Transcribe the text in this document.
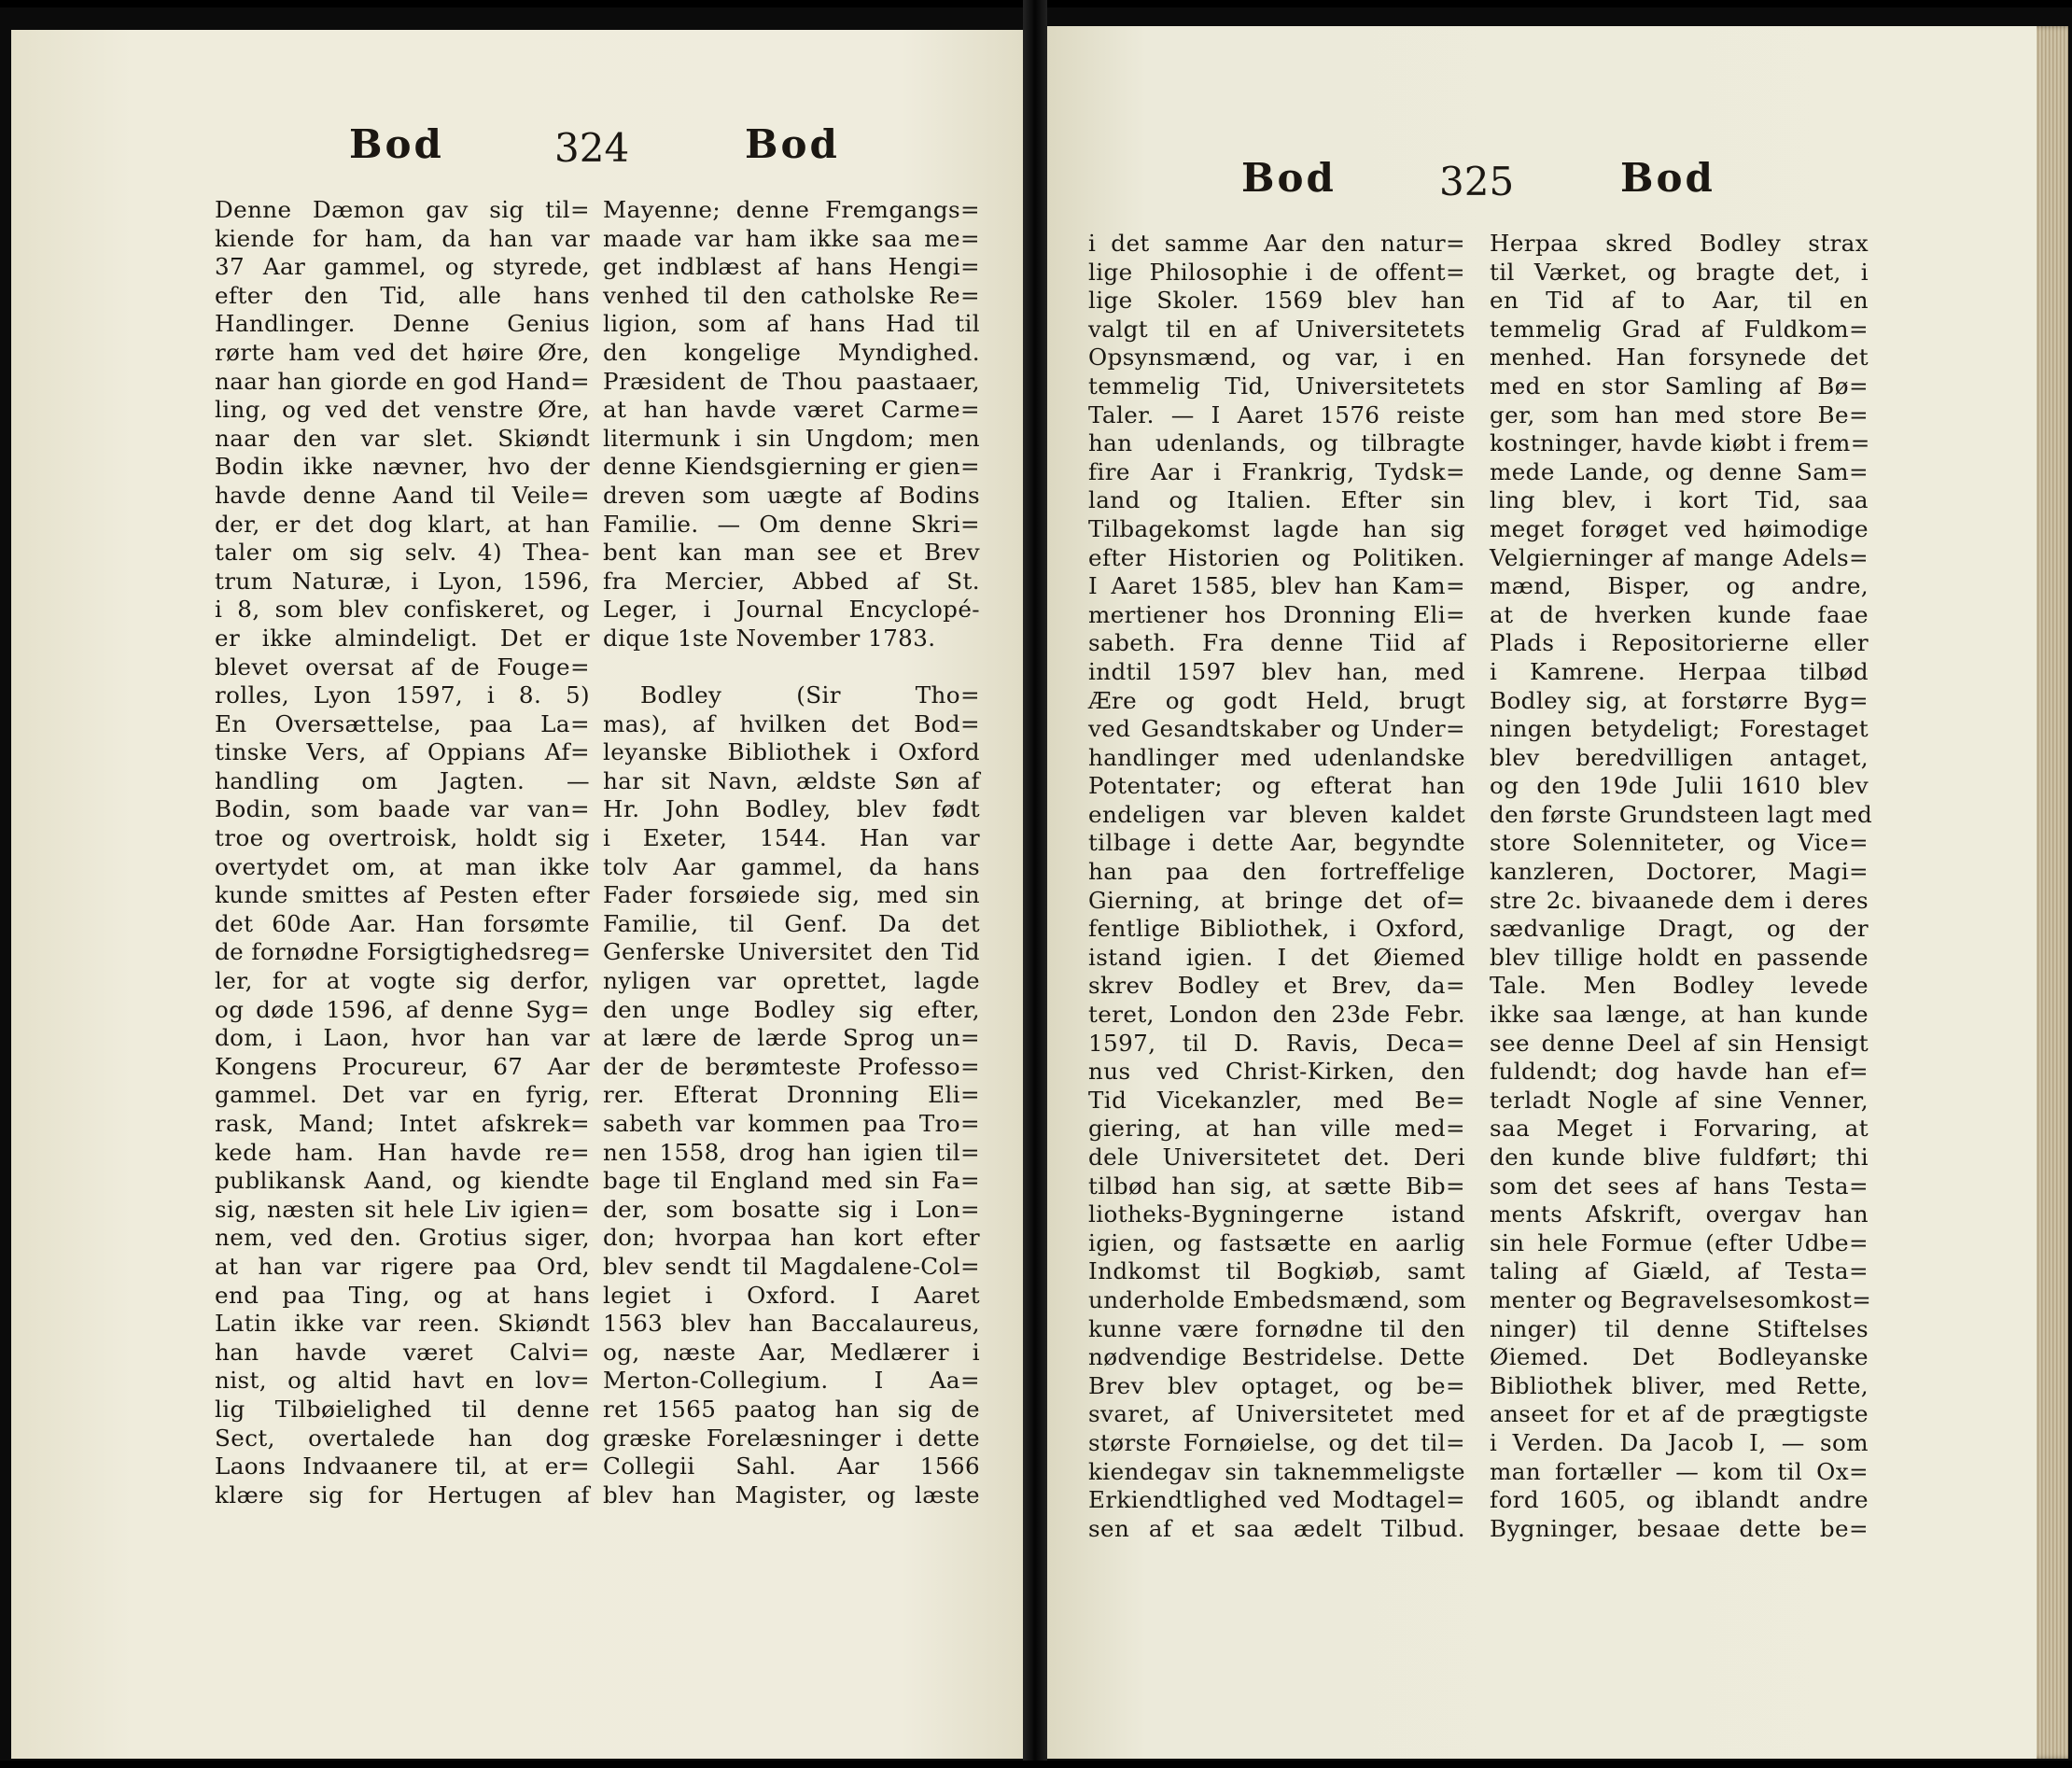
Bod	324	Bod
Denne Dæmon gav sig til=
kiende for ham, da han var
37 Aar gammel, og styrede,
efter den Tid, alle hans
Handlinger. Denne Genius
rørte ham ved det høire Øre,
naar han giorde en god Hand=
ling, og ved det venstre Øre,
naar den var slet. Skiøndt
Bodin ikke nævner, hvo der
havde denne Aand til Veile=
der, er det dog klart, at han
taler om sig selv. 4) Thea-
trum Naturæ, i Lyon, 1596,
i 8, som blev confiskeret, og
er ikke almindeligt. Det er
blevet oversat af de Fouge=
rolles, Lyon 1597, i 8. 5)
En Oversættelse, paa La=
tinske Vers, af Oppians Af=
handling om Jagten. —
Bodin, som baade var van=
troe og overtroisk, holdt sig
overtydet om, at man ikke
kunde smittes af Pesten efter
det 60de Aar. Han forsømte
de fornødne Forsigtighedsreg=
ler, for at vogte sig derfor,
og døde 1596, af denne Syg=
dom, i Laon, hvor han var
Kongens Procureur, 67 Aar
gammel. Det var en fyrig,
rask, Mand; Intet afskrek=
kede ham. Han havde re=
publikansk Aand, og kiendte
sig, næsten sit hele Liv igien=
nem, ved den. Grotius siger,
at han var rigere paa Ord,
end paa Ting, og at hans
Latin ikke var reen. Skiøndt
han havde været Calvi=
nist, og altid havt en lov=
lig Tilbøielighed til denne
Sect, overtalede han dog
Laons Indvaanere til, at er=
klære sig for Hertugen af
Mayenne; denne Fremgangs=
maade var ham ikke saa me=
get indblæst af hans Hengi=
venhed til den catholske Re=
ligion, som af hans Had til
den kongelige Myndighed.
Præsident de Thou paastaaer,
at han havde været Carme=
litermunk i sin Ungdom; men
denne Kiendsgierning er gien=
dreven som uægte af Bodins
Familie. — Om denne Skri=
bent kan man see et Brev
fra Mercier, Abbed af St.
Leger, i Journal Encyclopé-
dique 1ste November 1783.
Bodley (Sir Tho=
mas), af hvilken det Bod=
leyanske Bibliothek i Oxford
har sit Navn, ældste Søn af
Hr. John Bodley, blev født
i Exeter, 1544. Han var
tolv Aar gammel, da hans
Fader forsøiede sig, med sin
Familie, til Genf. Da det
Genferske Universitet den Tid
nyligen var oprettet, lagde
den unge Bodley sig efter,
at lære de lærde Sprog un=
der de berømteste Professo=
rer. Efterat Dronning Eli=
sabeth var kommen paa Tro=
nen 1558, drog han igien til=
bage til England med sin Fa=
der, som bosatte sig i Lon=
don; hvorpaa han kort efter
blev sendt til Magdalene-Col=
legiet i Oxford. I Aaret
1563 blev han Baccalaureus,
og, næste Aar, Medlærer i
Merton-Collegium. I Aa=
ret 1565 paatog han sig de
græske Forelæsninger i dette
Collegii Sahl. Aar 1566
blev han Magister, og læste
Bod	325	Bod
i det samme Aar den natur=
lige Philosophie i de offent=
lige Skoler. 1569 blev han
valgt til en af Universitetets
Opsynsmænd, og var, i en
temmelig Tid, Universitetets
Taler. — I Aaret 1576 reiste
han udenlands, og tilbragte
fire Aar i Frankrig, Tydsk=
land og Italien. Efter sin
Tilbagekomst lagde han sig
efter Historien og Politiken.
I Aaret 1585, blev han Kam=
mertiener hos Dronning Eli=
sabeth. Fra denne Tiid af
indtil 1597 blev han, med
Ære og godt Held, brugt
ved Gesandtskaber og Under=
handlinger med udenlandske
Potentater; og efterat han
endeligen var bleven kaldet
tilbage i dette Aar, begyndte
han paa den fortreffelige
Gierning, at bringe det of=
fentlige Bibliothek, i Oxford,
istand igien. I det Øiemed
skrev Bodley et Brev, da=
teret, London den 23de Febr.
1597, til D. Ravis, Deca=
nus ved Christ-Kirken, den
Tid Vicekanzler, med Be=
giering, at han ville med=
dele Universitetet det. Deri
tilbød han sig, at sætte Bib=
liotheks-Bygningerne istand
igien, og fastsætte en aarlig
Indkomst til Bogkiøb, samt
underholde Embedsmænd, som
kunne være fornødne til den
nødvendige Bestridelse. Dette
Brev blev optaget, og be=
svaret, af Universitetet med
største Fornøielse, og det til=
kiendegav sin taknemmeligste
Erkiendtlighed ved Modtagel=
sen af et saa ædelt Tilbud.
Herpaa skred Bodley strax
til Værket, og bragte det, i
en Tid af to Aar, til en
temmelig Grad af Fuldkom=
menhed. Han forsynede det
med en stor Samling af Bø=
ger, som han med store Be=
kostninger, havde kiøbt i frem=
mede Lande, og denne Sam=
ling blev, i kort Tid, saa
meget forøget ved høimodige
Velgierninger af mange Adels=
mænd, Bisper, og andre,
at de hverken kunde faae
Plads i Repositorierne eller
i Kamrene. Herpaa tilbød
Bodley sig, at forstørre Byg=
ningen betydeligt; Forestaget
blev beredvilligen antaget,
og den 19de Julii 1610 blev
den første Grundsteen lagt med
store Solenniteter, og Vice=
kanzleren, Doctorer, Magi=
stre 2c. bivaanede dem i deres
sædvanlige Dragt, og der
blev tillige holdt en passende
Tale. Men Bodley levede
ikke saa længe, at han kunde
see denne Deel af sin Hensigt
fuldendt; dog havde han ef=
terladt Nogle af sine Venner,
saa Meget i Forvaring, at
den kunde blive fuldført; thi
som det sees af hans Testa=
ments Afskrift, overgav han
sin hele Formue (efter Udbe=
taling af Giæld, af Testa=
menter og Begravelsesomkost=
ninger) til denne Stiftelses
Øiemed. Det Bodleyanske
Bibliothek bliver, med Rette,
anseet for et af de prægtigste
i Verden. Da Jacob I, — som
man fortæller — kom til Ox=
ford 1605, og iblandt andre
Bygninger, besaae dette be=
